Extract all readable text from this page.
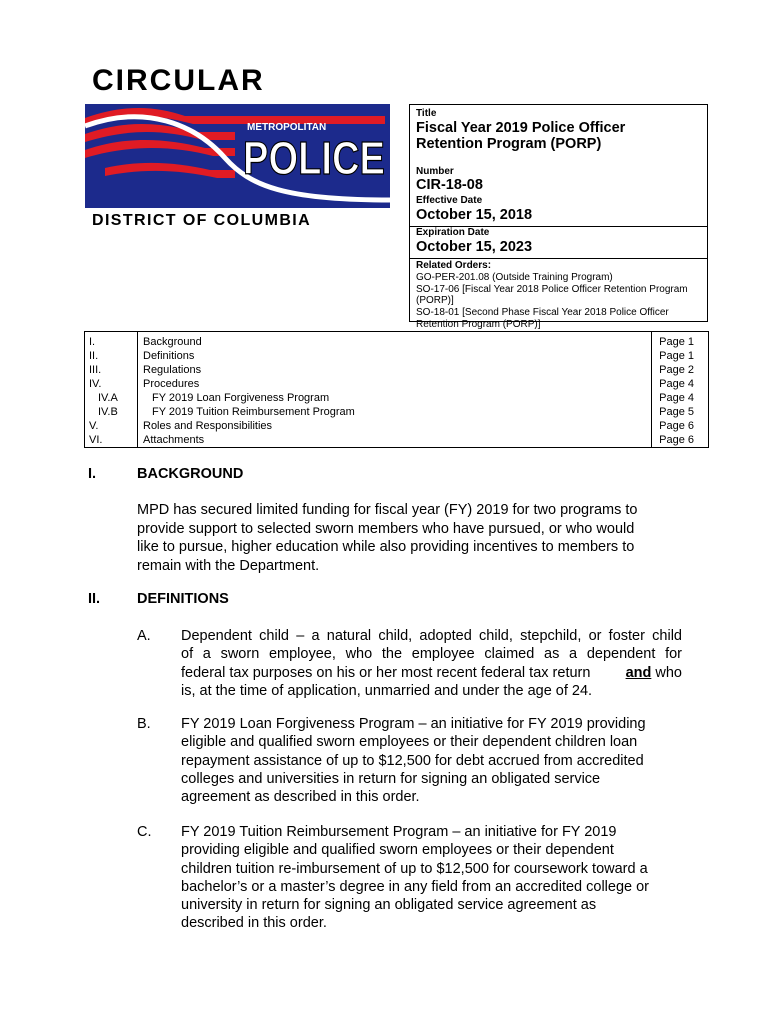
CIRCULAR
METROPOLITAN
POLICE
DISTRICT OF COLUMBIA
Title
Fiscal Year 2019 Police Officer
Retention Program (PORP)
Number
CIR-18-08
Effective Date
October 15, 2018
Expiration Date
October 15, 2023
Related Orders:
GO-PER-201.08 (Outside Training Program)
SO-17-06 [Fiscal Year 2018 Police Officer Retention Program
(PORP)]
SO-18-01 [Second Phase Fiscal Year 2018 Police Officer
Retention Program (PORP)]
I.	Background	Page 1
II.	Definitions	Page 1
III.	Regulations	Page 2
IV.	Procedures	Page 4
IV.A	FY 2019 Loan Forgiveness Program	Page 4
IV.B	FY 2019 Tuition Reimbursement Program	Page 5
V.	Roles and Responsibilities	Page 6
VI.	Attachments	Page 6
I.	BACKGROUND
MPD has secured limited funding for fiscal year (FY) 2019 for two programs to
provide support to selected sworn members who have pursued, or who would
like to pursue, higher education while also providing incentives to members to
remain with the Department.
II.	DEFINITIONS
A. Dependent child – a natural child, adopted child, stepchild, or foster child
of a sworn employee, who the employee claimed as a dependent for
federal tax purposes on his or her most recent federal tax return and who
is, at the time of application, unmarried and under the age of 24.
B. FY 2019 Loan Forgiveness Program – an initiative for FY 2019 providing
eligible and qualified sworn employees or their dependent children loan
repayment assistance of up to $12,500 for debt accrued from accredited
colleges and universities in return for signing an obligated service
agreement as described in this order.
C. FY 2019 Tuition Reimbursement Program – an initiative for FY 2019
providing eligible and qualified sworn employees or their dependent
children tuition re-imbursement of up to $12,500 for coursework toward a
bachelor’s or a master’s degree in any field from an accredited college or
university in return for signing an obligated service agreement as
described in this order.
